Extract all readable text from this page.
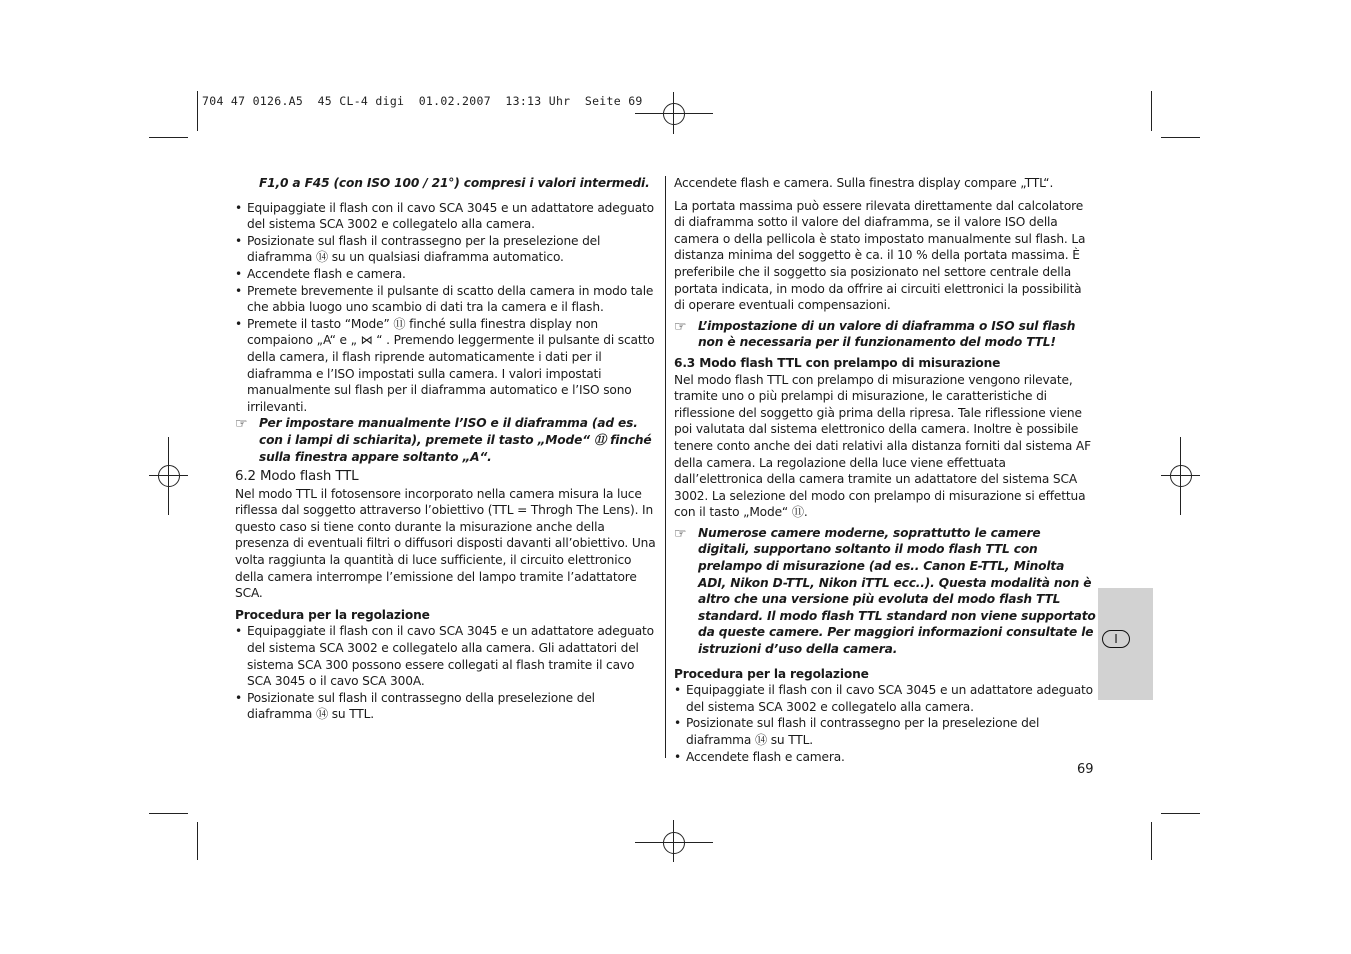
704 47 0126.A5  45 CL-4 digi  01.02.2007  13:13 Uhr  Seite 69

F1,0 a F45 (con ISO 100 / 21°) compresi i valori intermedi.

• Equipaggiate il flash con il cavo SCA 3045 e un adattatore adeguato del sistema SCA 3002 e collegatelo alla camera.

• Posizionate sul flash il contrassegno per la preselezione del diaframma ⑭ su un qualsiasi diaframma automatico.

• Accendete flash e camera.

• Premete brevemente il pulsante di scatto della camera in modo tale che abbia luogo uno scambio di dati tra la camera e il flash.

• Premete il tasto “Mode” ⑪ finché sulla finestra display non compaiono „A“ e „ ⋈ “ . Premendo leggermente il pulsante di scatto della camera, il flash riprende automaticamente i dati per il diaframma e l’ISO impostati sulla camera. I valori impostati manualmente sul flash per il diaframma automatico e l’ISO sono irrilevanti.

☞ Per impostare manualmente l’ISO e il diaframma (ad es. con i lampi di schiarita), premete il tasto „Mode“ ⑪ finché sulla finestra appare soltanto „A“.

6.2 Modo flash TTL

Nel modo TTL il fotosensore incorporato nella camera misura la luce riflessa dal soggetto attraverso l’obiettivo (TTL = Throgh The Lens). In questo caso si tiene conto durante la misurazione anche della presenza di eventuali filtri o diffusori disposti davanti all’obiettivo. Una volta raggiunta la quantità di luce sufficiente, il circuito elettronico della camera interrompe l’emissione del lampo tramite l’adattatore SCA.

Procedura per la regolazione

• Equipaggiate il flash con il cavo SCA 3045 e un adattatore adeguato del sistema SCA 3002 e collegatelo alla camera. Gli adattatori del sistema SCA 300 possono essere collegati al flash tramite il cavo SCA 3045 o il cavo SCA 300A.

• Posizionate sul flash il contrassegno della preselezione del diaframma ⑭ su TTL.

Accendete flash e camera. Sulla finestra display compare „TTL“.

La portata massima può essere rilevata direttamente dal calcolatore di diaframma sotto il valore del diaframma, se il valore ISO della camera o della pellicola è stato impostato manualmente sul flash. La distanza minima del soggetto è ca. il 10 % della portata massima. È preferibile che il soggetto sia posizionato nel settore centrale della portata indicata, in modo da offrire ai circuiti elettronici la possibilità di operare eventuali compensazioni.

☞ L’impostazione di un valore di diaframma o ISO sul flash non è necessaria per il funzionamento del modo TTL!

6.3 Modo flash TTL con prelampo di misurazione

Nel modo flash TTL con prelampo di misurazione vengono rilevate, tramite uno o più prelampi di misurazione, le caratteristiche di riflessione del soggetto già prima della ripresa. Tale riflessione viene poi valutata dal sistema elettronico della camera. Inoltre è possibile tenere conto anche dei dati relativi alla distanza forniti dal sistema AF della camera. La regolazione della luce viene effettuata dall’elettronica della camera tramite un adattatore del sistema SCA 3002. La selezione del modo con prelampo di misurazione si effettua con il tasto „Mode“ ⑪.

☞ Numerose camere moderne, soprattutto le camere digitali, supportano soltanto il modo flash TTL con prelampo di misurazione (ad es.. Canon E-TTL, Minolta ADI, Nikon D-TTL, Nikon iTTL ecc..). Questa modalità non è altro che una versione più evoluta del modo flash TTL standard. Il modo flash TTL standard non viene supportato da queste camere. Per maggiori informazioni consultate le istruzioni d’uso della camera.

Procedura per la regolazione

• Equipaggiate il flash con il cavo SCA 3045 e un adattatore adeguato del sistema SCA 3002 e collegatelo alla camera.

• Posizionate sul flash il contrassegno per la preselezione del diaframma ⑭ su TTL.

• Accendete flash e camera.

I
69
